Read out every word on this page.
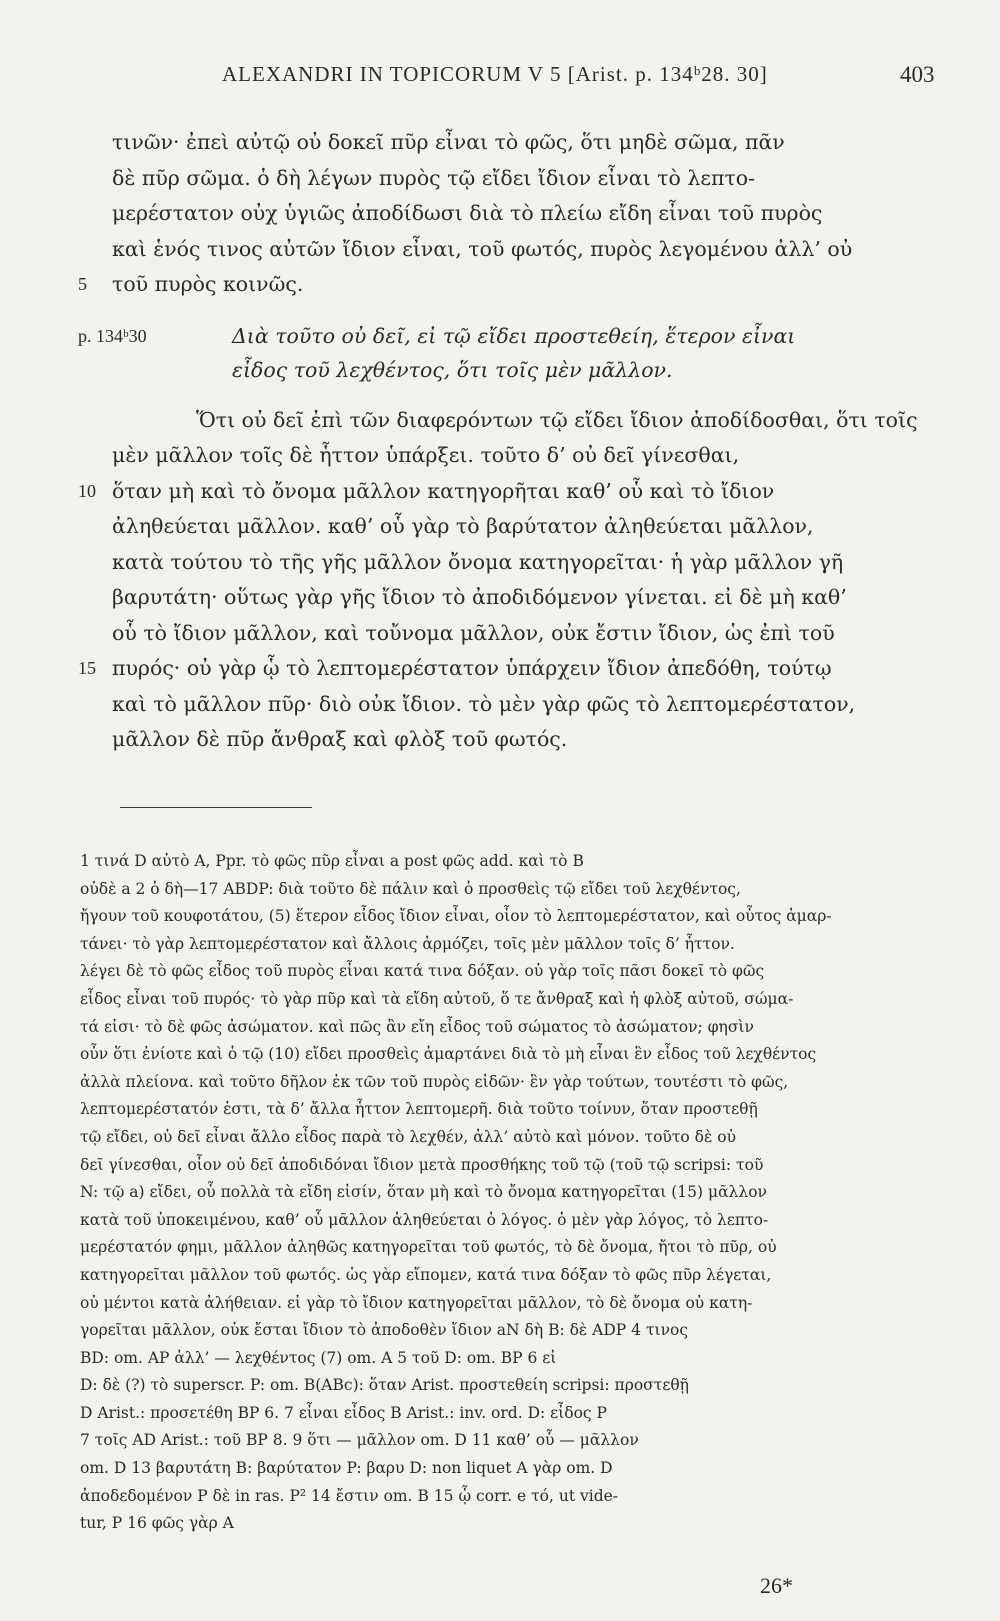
ALEXANDRI IN TOPICORUM V 5 [Arist. p. 134ᵇ28. 30]	403
τινῶν· ἐπεὶ αὐτῷ οὐ δοκεῖ πῦρ εἶναι τὸ φῶς, ὅτι μηδὲ σῶμα, πᾶν
δὲ πῦρ σῶμα. ὁ δὴ λέγων πυρὸς τῷ εἴδει ἴδιον εἶναι τὸ λεπτο-
μερέστατον οὐχ ὑγιῶς ἀποδίδωσι διὰ τὸ πλείω εἴδη εἶναι τοῦ πυρὸς
καὶ ἑνός τινος αὐτῶν ἴδιον εἶναι, τοῦ φωτός, πυρὸς λεγομένου ἀλλ’ οὐ
5 τοῦ πυρὸς κοινῶς.
p. 134ᵇ30	Διὰ τοῦτο οὐ δεῖ, εἰ τῷ εἴδει προστεθείη, ἕτερον εἶναι
εἶδος τοῦ λεχθέντος, ὅτι τοῖς μὲν μᾶλλον.
Ὅτι οὐ δεῖ ἐπὶ τῶν διαφερόντων τῷ εἴδει ἴδιον ἀποδίδοσθαι, ὅτι τοῖς
μὲν μᾶλλον τοῖς δὲ ἧττον ὑπάρξει. τοῦτο δ’ οὐ δεῖ γίνεσθαι,
10 ὅταν μὴ καὶ τὸ ὄνομα μᾶλλον κατηγορῆται καθ’ οὗ καὶ τὸ ἴδιον
ἀληθεύεται μᾶλλον. καθ’ οὗ γὰρ τὸ βαρύτατον ἀληθεύεται μᾶλλον,
κατὰ τούτου τὸ τῆς γῆς μᾶλλον ὄνομα κατηγορεῖται· ἡ γὰρ μᾶλλον γῆ
βαρυτάτη· οὕτως γὰρ γῆς ἴδιον τὸ ἀποδιδόμενον γίνεται. εἰ δὲ μὴ καθ’
οὗ τὸ ἴδιον μᾶλλον, καὶ τοὔνομα μᾶλλον, οὐκ ἔστιν ἴδιον, ὡς ἐπὶ τοῦ
15 πυρός· οὐ γὰρ ᾧ τὸ λεπτομερέστατον ὑπάρχειν ἴδιον ἀπεδόθη, τούτῳ
καὶ τὸ μᾶλλον πῦρ· διὸ οὐκ ἴδιον. τὸ μὲν γὰρ φῶς τὸ λεπτομερέστατον,
μᾶλλον δὲ πῦρ ἄνθραξ καὶ φλὸξ τοῦ φωτός.
1 τινά D αὐτὸ A, Ppr. τὸ φῶς πῦρ εἶναι a post φῶς add. καὶ τὸ B
οὐδὲ a 2 ὁ δὴ—17 ABDP: διὰ τοῦτο δὲ πάλιν καὶ ὁ προσθεὶς τῷ εἴδει τοῦ λεχθέντος,
ἤγουν τοῦ κουφοτάτου, (5) ἕτερον εἶδος ἴδιον εἶναι, οἷον τὸ λεπτομερέστατον, καὶ οὗτος ἁμαρ-
τάνει· τὸ γὰρ λεπτομερέστατον καὶ ἄλλοις ἁρμόζει, τοῖς μὲν μᾶλλον τοῖς δ’ ἧττον.
λέγει δὲ τὸ φῶς εἶδος τοῦ πυρὸς εἶναι κατά τινα δόξαν. οὐ γὰρ τοῖς πᾶσι δοκεῖ τὸ φῶς
εἶδος εἶναι τοῦ πυρός· τὸ γὰρ πῦρ καὶ τὰ εἴδη αὐτοῦ, ὅ τε ἄνθραξ καὶ ἡ φλὸξ αὐτοῦ, σώμα-
τά εἰσι· τὸ δὲ φῶς ἀσώματον. καὶ πῶς ἂν εἴη εἶδος τοῦ σώματος τὸ ἀσώματον; φησὶν
οὖν ὅτι ἐνίοτε καὶ ὁ τῷ (10) εἴδει προσθεὶς ἁμαρτάνει διὰ τὸ μὴ εἶναι ἓν εἶδος τοῦ λεχθέντος
ἀλλὰ πλείονα. καὶ τοῦτο δῆλον ἐκ τῶν τοῦ πυρὸς εἰδῶν· ἓν γὰρ τούτων, τουτέστι τὸ φῶς,
λεπτομερέστατόν ἐστι, τὰ δ’ ἄλλα ἧττον λεπτομερῆ. διὰ τοῦτο τοίνυν, ὅταν προστεθῇ
τῷ εἴδει, οὐ δεῖ εἶναι ἄλλο εἶδος παρὰ τὸ λεχθέν, ἀλλ’ αὐτὸ καὶ μόνον. τοῦτο δὲ οὐ
δεῖ γίνεσθαι, οἷον οὐ δεῖ ἀποδιδόναι ἴδιον μετὰ προσθήκης τοῦ τῷ (τοῦ τῷ scripsi: τοῦ
N: τῷ a) εἴδει, οὗ πολλὰ τὰ εἴδη εἰσίν, ὅταν μὴ καὶ τὸ ὄνομα κατηγορεῖται (15) μᾶλλον
κατὰ τοῦ ὑποκειμένου, καθ’ οὗ μᾶλλον ἀληθεύεται ὁ λόγος. ὁ μὲν γὰρ λόγος, τὸ λεπτο-
μερέστατόν φημι, μᾶλλον ἀληθῶς κατηγορεῖται τοῦ φωτός, τὸ δὲ ὄνομα, ἤτοι τὸ πῦρ, οὐ
κατηγορεῖται μᾶλλον τοῦ φωτός. ὡς γὰρ εἴπομεν, κατά τινα δόξαν τὸ φῶς πῦρ λέγεται,
οὐ μέντοι κατὰ ἀλήθειαν. εἰ γὰρ τὸ ἴδιον κατηγορεῖται μᾶλλον, τὸ δὲ ὄνομα οὐ κατη-
γορεῖται μᾶλλον, οὐκ ἔσται ἴδιον τὸ ἀποδοθὲν ἴδιον aN δὴ B: δὲ ADP 4 τινος
BD: om. AP ἀλλ’ — λεχθέντος (7) om. A 5 τοῦ D: om. BP 6 εἰ
D: δὲ (?) τὸ superscr. P: om. B(ABc): ὅταν Arist. προστεθείη scripsi: προστεθῇ
D Arist.: προσετέθη BP 6. 7 εἶναι εἶδος B Arist.: inv. ord. D: εἶδος P
7 τοῖς AD Arist.: τοῦ BP 8. 9 ὅτι — μᾶλλον om. D 11 καθ’ οὗ — μᾶλλον
om. D 13 βαρυτάτη B: βαρύτατον P: βαρυ D: non liquet A γὰρ om. D
ἀποδεδομένον P δὲ in ras. P² 14 ἔστιν om. B 15 ᾧ corr. e τό, ut vide-
tur, P 16 φῶς γὰρ A
26*
